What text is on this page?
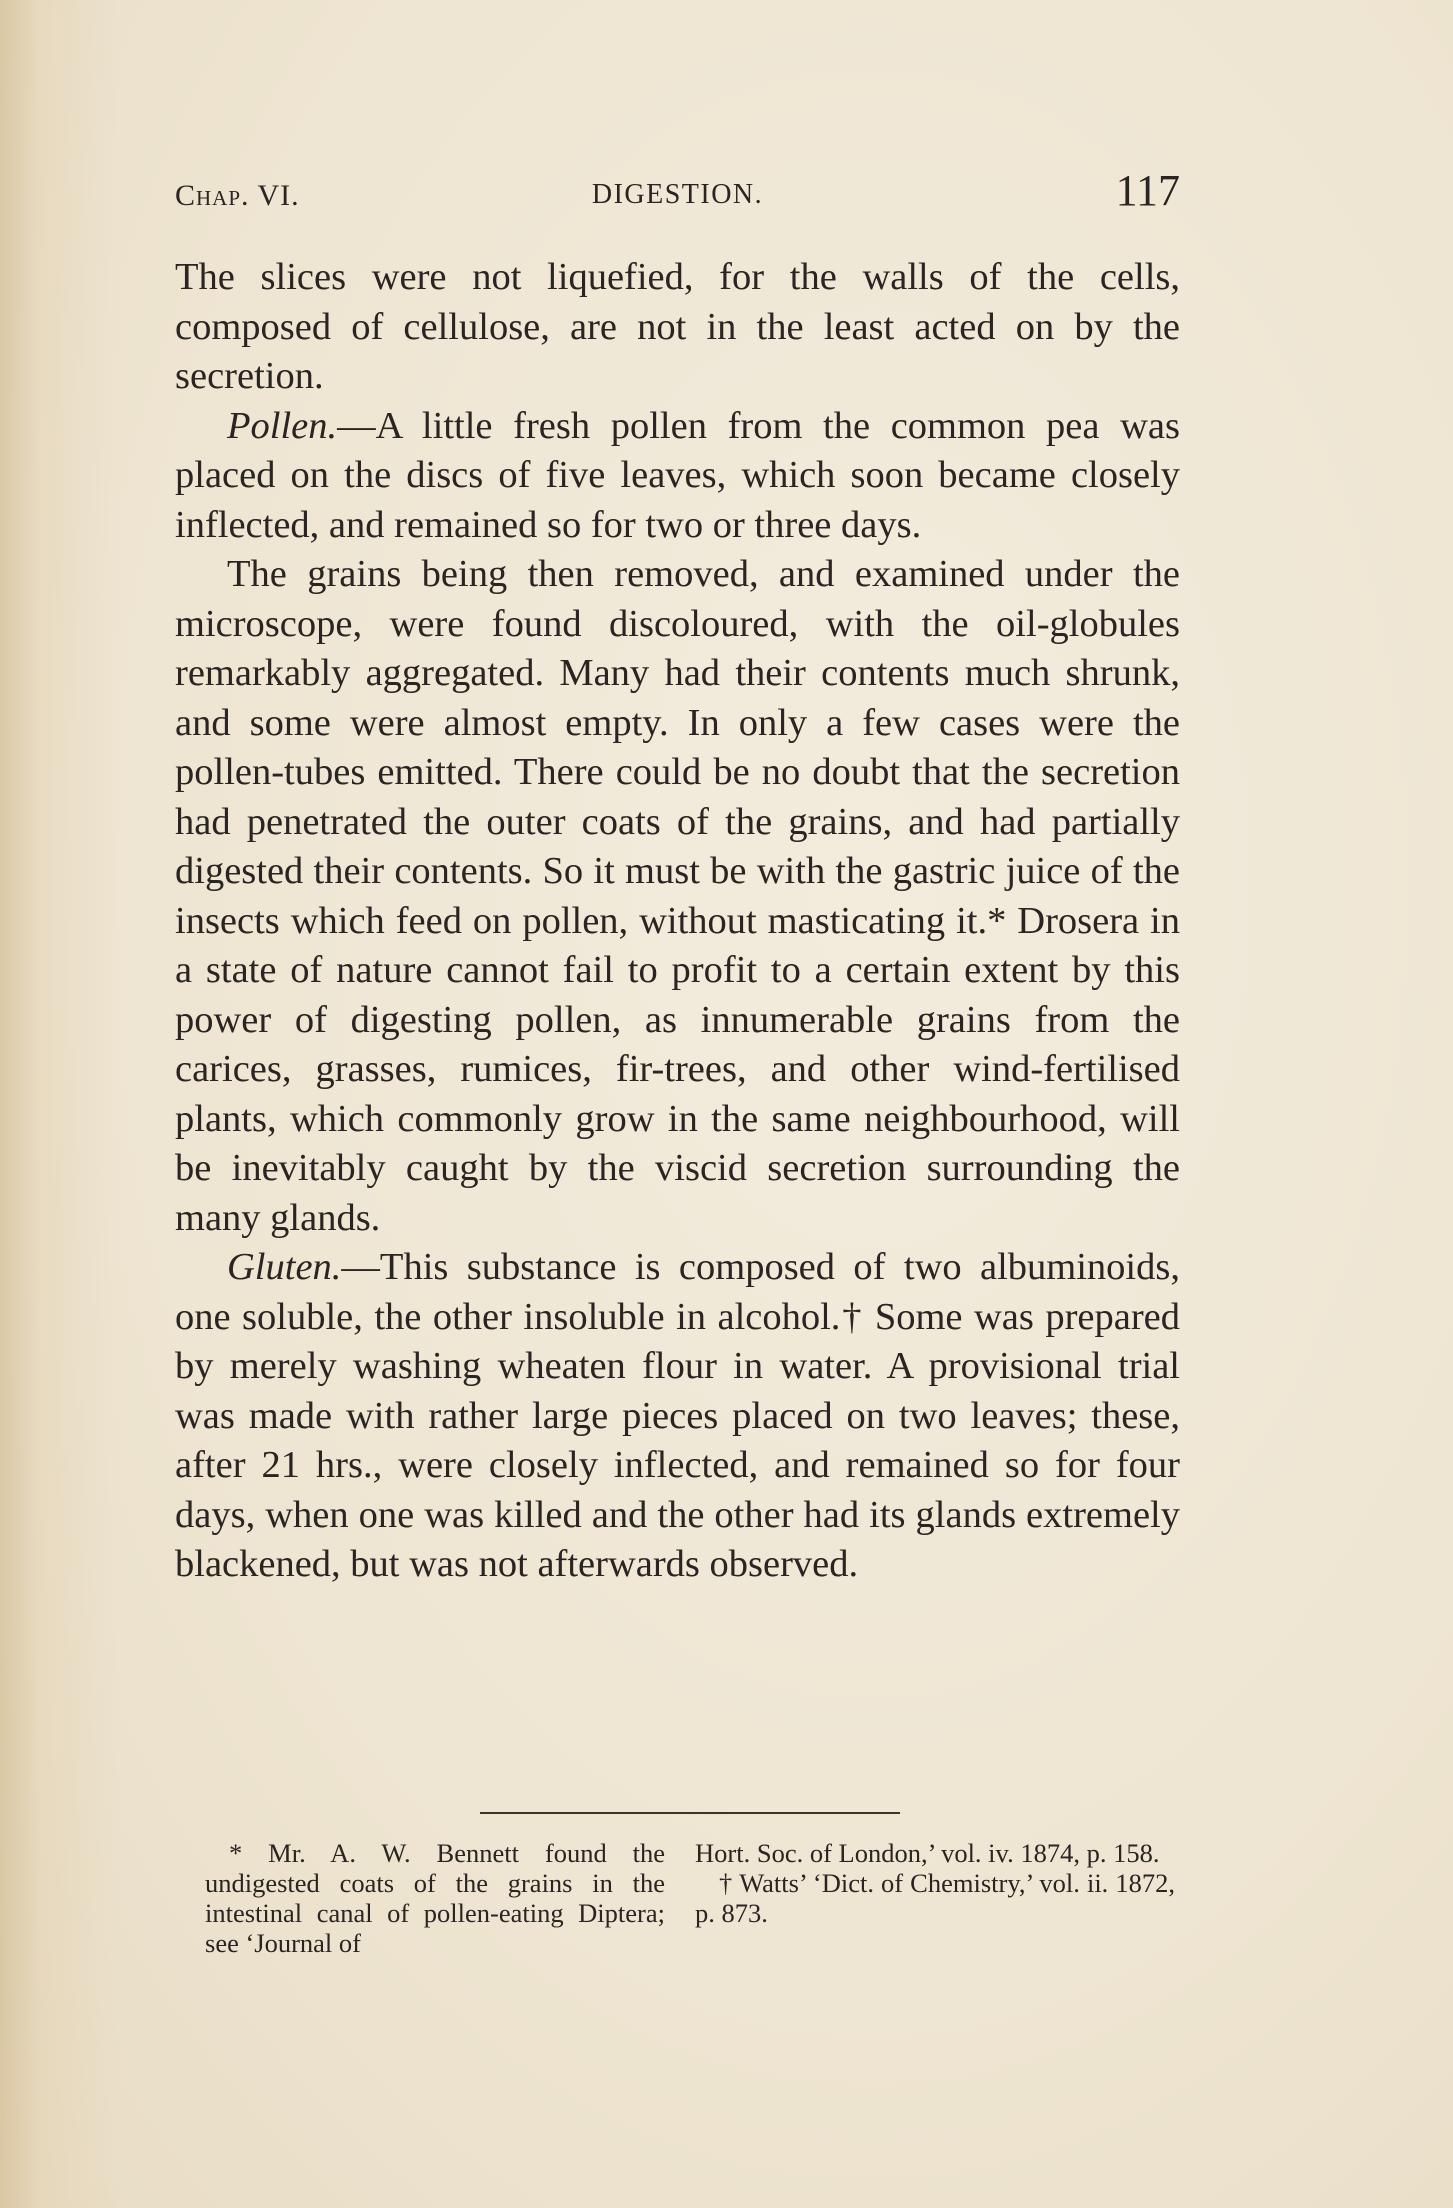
Chap. VI.	DIGESTION.	117

The slices were not liquefied, for the walls of the cells, composed of cellulose, are not in the least acted on by the secretion.

Pollen.—A little fresh pollen from the common pea was placed on the discs of five leaves, which soon became closely inflected, and remained so for two or three days.

The grains being then removed, and examined under the microscope, were found discoloured, with the oil-globules remarkably aggregated. Many had their contents much shrunk, and some were almost empty. In only a few cases were the pollen-tubes emitted. There could be no doubt that the secretion had penetrated the outer coats of the grains, and had partially digested their contents. So it must be with the gastric juice of the insects which feed on pollen, without masticating it.* Drosera in a state of nature cannot fail to profit to a certain extent by this power of digesting pollen, as innumerable grains from the carices, grasses, rumices, fir-trees, and other wind-fertilised plants, which commonly grow in the same neighbourhood, will be inevitably caught by the viscid secretion surrounding the many glands.

Gluten.—This substance is composed of two albuminoids, one soluble, the other insoluble in alcohol.† Some was prepared by merely washing wheaten flour in water. A provisional trial was made with rather large pieces placed on two leaves; these, after 21 hrs., were closely inflected, and remained so for four days, when one was killed and the other had its glands extremely blackened, but was not afterwards observed.

* Mr. A. W. Bennett found the undigested coats of the grains in the intestinal canal of pollen-eating Diptera; see ‘Journal of

Hort. Soc. of London,’ vol. iv. 1874, p. 158.

† Watts’ ‘Dict. of Chemistry,’ vol. ii. 1872, p. 873.
